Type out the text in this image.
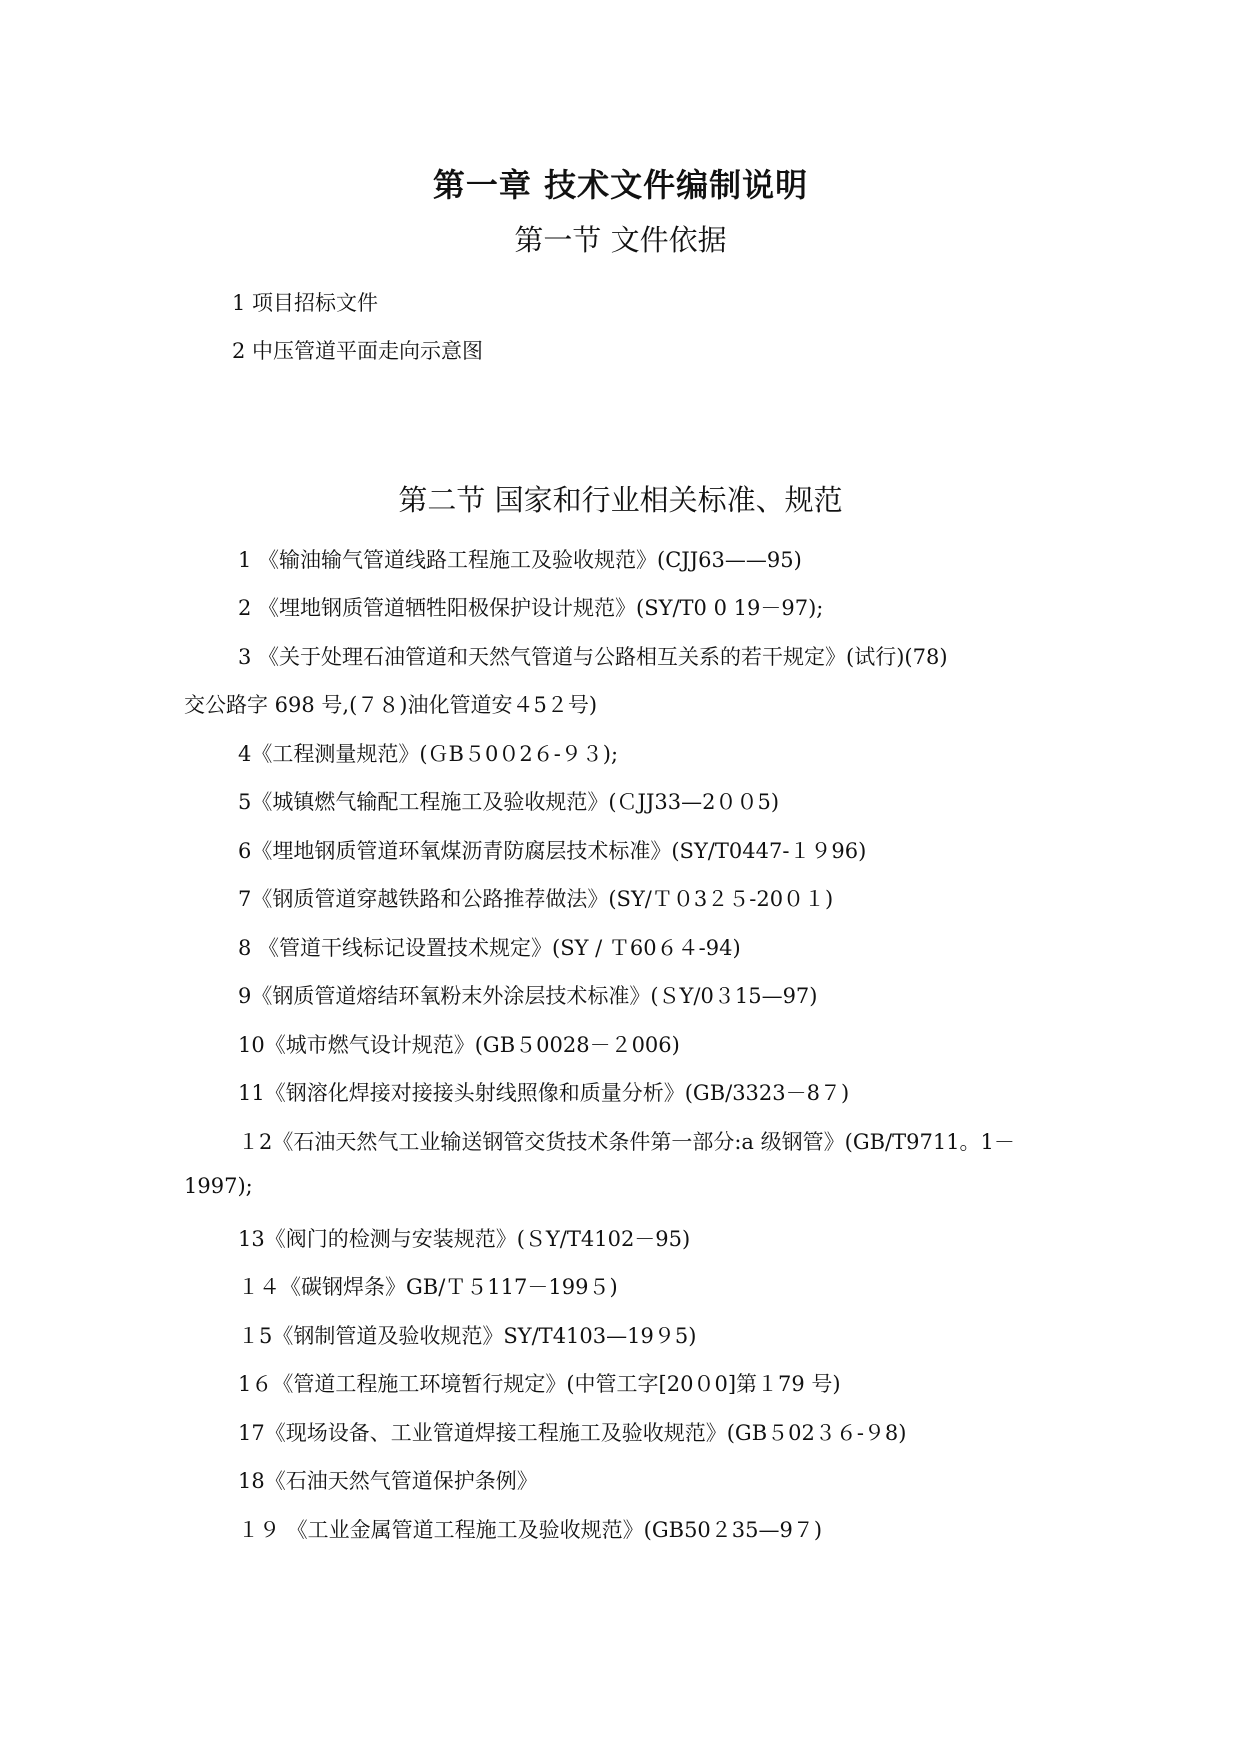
第一章 技术文件编制说明
第一节 文件依据

1 项目招标文件

2 中压管道平面走向示意图

第二节 国家和行业相关标准、规范

1 《输油输气管道线路工程施工及验收规范》(CJJ63——95)

2 《埋地钢质管道牺牲阳极保护设计规范》(SY/T0 0 19－97);

3 《关于处理石油管道和天然气管道与公路相互关系的若干规定》(试行)(78)

交公路字 698 号,(７８)油化管道安４5２号)

4《工程测量规范》(ＧB５0０2６-９３);

5《城镇燃气输配工程施工及验收规范》(ＣJJ33—2００5)

6《埋地钢质管道环氧煤沥青防腐层技术标准》(SY/T0447-１９96)

7《钢质管道穿越铁路和公路推荐做法》(SY/Ｔ０3２５-20０１)

8 《管道干线标记设置技术规定》(SY / Ｔ60６４-94)

9《钢质管道熔结环氧粉末外涂层技术标准》(ＳY/0３15—97)

10《城市燃气设计规范》(GB５0028－２006)

11《钢溶化焊接对接接头射线照像和质量分析》(GB/3323－8７)

１2《石油天然气工业输送钢管交货技术条件第一部分:a 级钢管》(GB/T9711。1－

1997);

13《阀门的检测与安装规范》(ＳY/T4102－95)

１４《碳钢焊条》GB/Ｔ５117－199５)

１5《钢制管道及验收规范》SY/T4103—19９5)

1６《管道工程施工环境暂行规定》(中管工字[20０0]第１79 号)

17《现场设备、工业管道焊接工程施工及验收规范》(GB５02３６-９8)

18《石油天然气管道保护条例》

１９ 《工业金属管道工程施工及验收规范》(GB50２35—9７)
